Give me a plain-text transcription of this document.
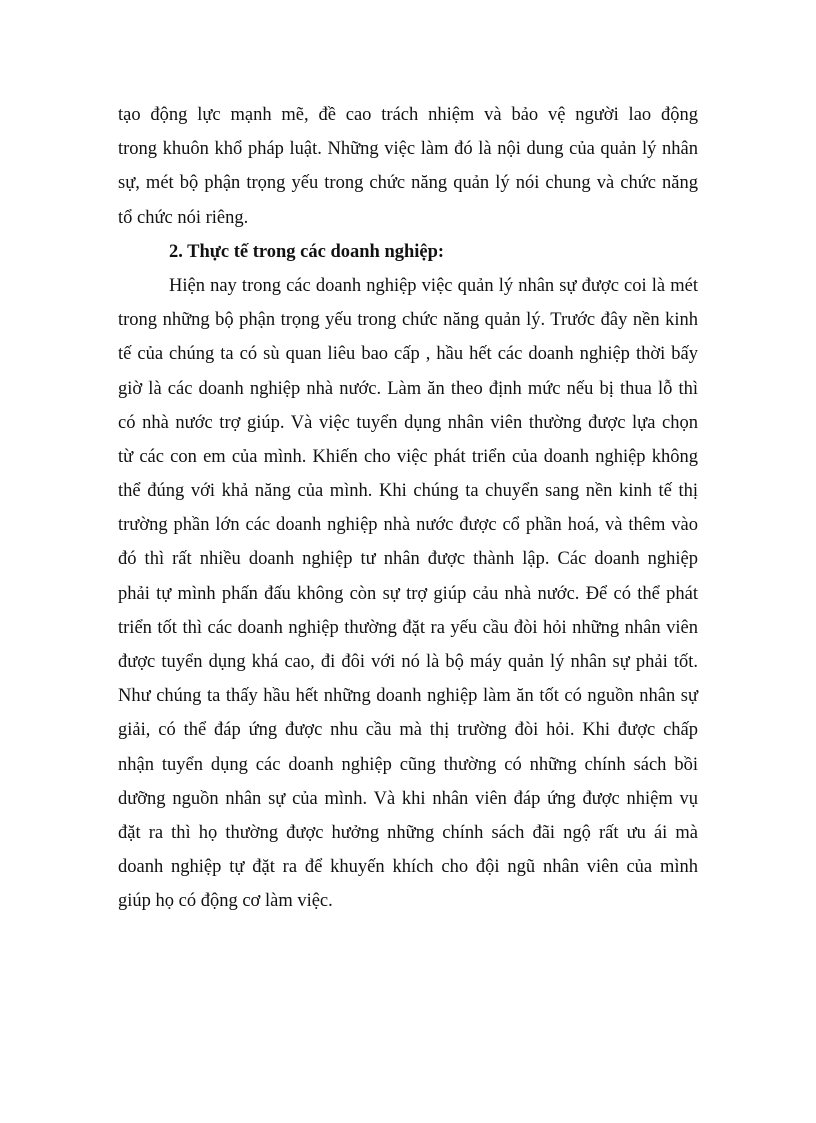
tạo động lực mạnh mẽ, đề cao trách nhiệm và bảo vệ người lao động
trong khuôn khổ pháp luật. Những việc làm đó là nội dung của quản lý nhân
sự, mét bộ phận trọng yếu trong chức năng quản lý nói chung và chức năng
tổ chức nói riêng.
2. Thực tế trong các doanh nghiệp:
Hiện nay trong các doanh nghiệp việc quản lý nhân sự được coi là mét
trong những bộ phận trọng yếu trong chức năng quản lý. Trước đây nền kinh
tế của chúng ta có sù quan liêu bao cấp , hầu hết các doanh nghiệp thời bấy
giờ là các doanh nghiệp nhà nước. Làm ăn theo định mức nếu bị thua lỗ thì
có nhà nước trợ giúp. Và việc tuyển dụng nhân viên thường được lựa chọn
từ các con em của mình. Khiến cho việc phát triển của doanh nghiệp không
thể đúng với khả năng của mình. Khi chúng ta chuyển sang nền kinh tế thị
trường phần lớn các doanh nghiệp nhà nước được cổ phần hoá, và thêm vào
đó thì rất nhiều doanh nghiệp tư nhân được thành lập. Các doanh nghiệp
phải tự mình phấn đấu không còn sự trợ giúp cảu nhà nước. Để có thể phát
triển tốt thì các doanh nghiệp thường đặt ra yếu cầu đòi hỏi những nhân viên
được tuyển dụng khá cao, đi đôi với nó là bộ máy quản lý nhân sự phải tốt.
Như chúng ta thấy hầu hết những doanh nghiệp làm ăn tốt có nguồn nhân sự
giải, có thể đáp ứng được nhu cầu mà thị trường đòi hỏi. Khi được chấp
nhận tuyển dụng các doanh nghiệp cũng thường có những chính sách bồi
dưỡng nguồn nhân sự của mình. Và khi nhân viên đáp ứng được nhiệm vụ
đặt ra thì họ thường được hưởng những chính sách đãi ngộ rất ưu ái mà
doanh nghiệp tự đặt ra để khuyến khích cho đội ngũ nhân viên của mình
giúp họ có động cơ làm việc.
